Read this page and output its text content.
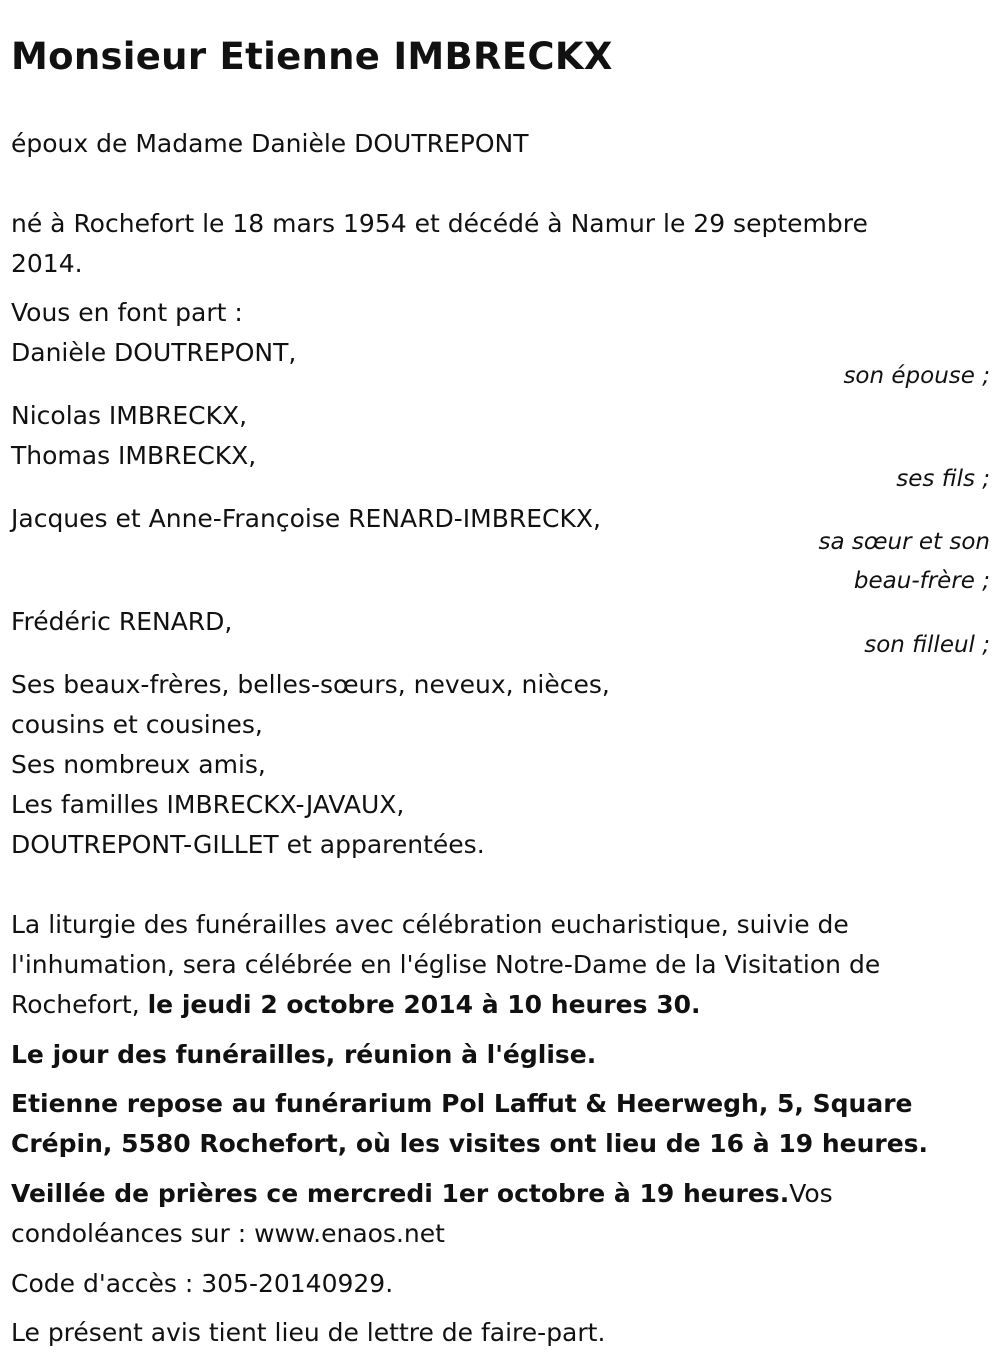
Monsieur Etienne IMBRECKX

époux de Madame Danièle DOUTREPONT

né à Rochefort le 18 mars 1954 et décédé à Namur le 29 septembre

2014.

Vous en font part :

Danièle DOUTREPONT,

son épouse ;

Nicolas IMBRECKX,

Thomas IMBRECKX,

ses fils ;

Jacques et Anne-Françoise RENARD-IMBRECKX,

sa sœur et son

beau-frère ;

Frédéric RENARD,

son filleul ;

Ses beaux-frères, belles-sœurs, neveux, nièces,

cousins et cousines,

Ses nombreux amis,

Les familles IMBRECKX-JAVAUX,

DOUTREPONT-GILLET et apparentées.

La liturgie des funérailles avec célébration eucharistique, suivie de

l'inhumation, sera célébrée en l'église Notre-Dame de la Visitation de

Rochefort, le jeudi 2 octobre 2014 à 10 heures 30.

Le jour des funérailles, réunion à l'église.

Etienne repose au funérarium Pol Laffut & Heerwegh, 5, Square

Crépin, 5580 Rochefort, où les visites ont lieu de 16 à 19 heures.

Veillée de prières ce mercredi 1er octobre à 19 heures.Vos

condoléances sur : www.enaos.net

Code d'accès : 305-20140929.

Le présent avis tient lieu de lettre de faire-part.
